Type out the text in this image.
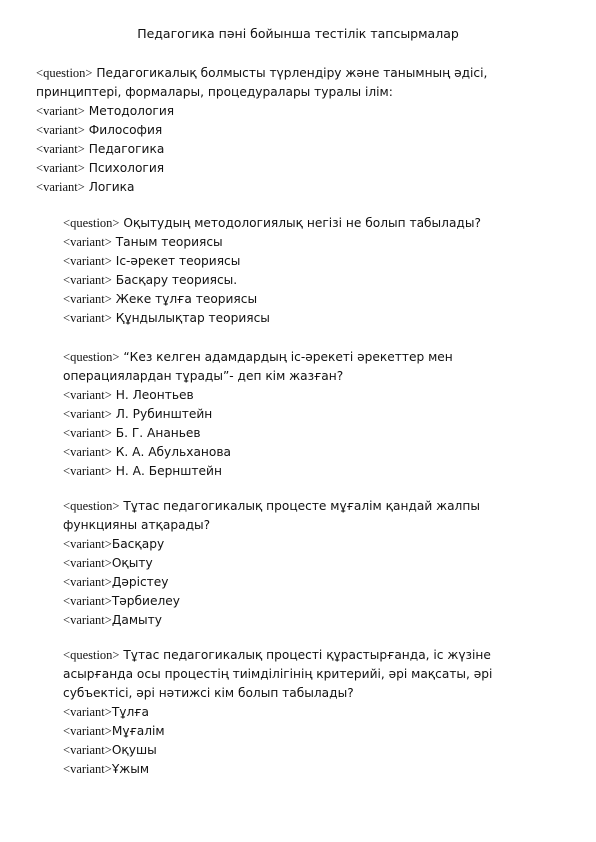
Педагогика пәні бойынша тестілік тапсырмалар
< question > Педагогикалық болмысты түрлендіру және танымның әдісі,
принциптері, формалары, процедуралары туралы ілім:
< variant > Методология
< variant > Философия
< variant > Педагогика
< variant > Психология
< variant > Логика
< question > Оқытудың методологиялық негізі не болып табылады?
< variant > Таным теориясы
< variant > Іс-әрекет теориясы
< variant > Басқару теориясы.
< variant > Жеке тұлға теориясы
< variant > Құндылықтар теориясы
< question > “Кез келген адамдардың іс-әрекеті әрекеттер мен
операциялардан тұрады”- деп кім жазған?
< variant > Н. Леонтьев
< variant > Л. Рубинштейн
< variant > Б. Г. Ананьев
< variant > К. А. Абульханова
< variant > Н. А. Бернштейн
< question > Тұтас педагогикалық процесте мұғалім қандай жалпы
функцияны атқарады?
< variant > Басқару
< variant > Оқыту
< variant > Дәрістеу
< variant > Тәрбиелеу
< variant > Дамыту
< question > Тұтас педагогикалық процесті құрастырғанда, іс жүзіне
асырғанда осы процестің тиімділігінің критерийі, әрі мақсаты, әрі
субъектісі, әрі нәтижсі кім болып табылады?
< variant > Тұлға
< variant > Мұғалім
< variant > Оқушы
< variant > Ұжым
